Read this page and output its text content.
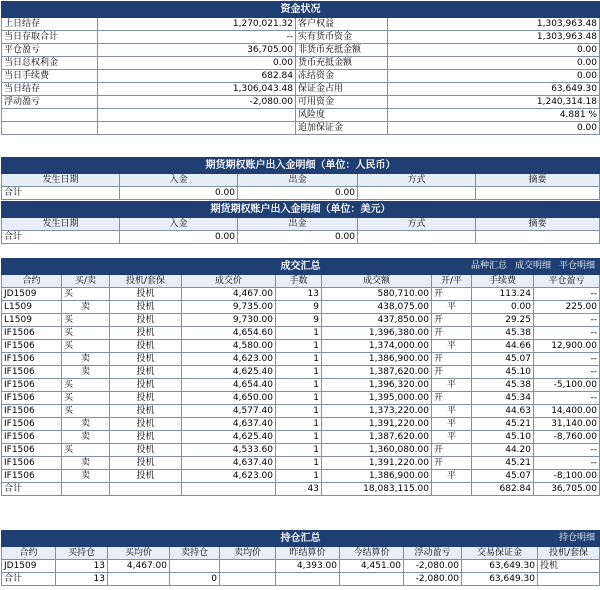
资金状况			
上日结存	1,270,021.32	客户权益	1,303,963.48
当日存取合计	--	实有货币资金	1,303,963.48
平仓盈亏	36,705.00	非货币充抵金额	0.00
当日总权利金	0.00	货币充抵金额	0.00
当日手续费	682.84	冻结资金	0.00
当日结存	1,306,043.48	保证金占用	63,649.30
浮动盈亏	-2,080.00	可用资金	1,240,314.18
		风险度	4.881 %
		追加保证金	0.00
期货期权账户出入金明细（单位：人民币）				
发生日期	入金	出金	方式	摘要
合计	0.00	0.00		
期货期权账户出入金明细（单位：美元）				
发生日期	入金	出金	方式	摘要
合计	0.00	0.00		
成交汇总 品种汇总 成交明细 平仓明细								

合约	买/卖	投机/套保	成交价	手数	成交额	开/平	手续费	平仓盈亏
JD1509	买	投机	4,467.00	13	580,710.00	开	113.24	--
L1509	卖	投机	9,735.00	9	438,075.00	平	0.00	225.00
L1509	买	投机	9,730.00	9	437,850.00	开	29.25	--
IF1506	买	投机	4,654.60	1	1,396,380.00	开	45.38	--
IF1506	买	投机	4,580.00	1	1,374,000.00	平	44.66	12,900.00
IF1506	卖	投机	4,623.00	1	1,386,900.00	开	45.07	--
IF1506	卖	投机	4,625.40	1	1,387,620.00	开	45.10	--
IF1506	买	投机	4,654.40	1	1,396,320.00	平	45.38	-5,100.00
IF1506	买	投机	4,650.00	1	1,395,000.00	开	45.34	--
IF1506	买	投机	4,577.40	1	1,373,220.00	平	44.63	14,400.00
IF1506	卖	投机	4,637.40	1	1,391,220.00	平	45.21	31,140.00
IF1506	卖	投机	4,625.40	1	1,387,620.00	平	45.10	-8,760.00
IF1506	买	投机	4,533.60	1	1,360,080.00	开	44.20	--
IF1506	卖	投机	4,637.40	1	1,391,220.00	开	45.21	--
IF1506	卖	投机	4,623.00	1	1,386,900.00	平	45.07	-8,100.00
合计				43	18,083,115.00		682.84	36,705.00
持仓汇总 持仓明细									

合约	买持仓	买均价	卖持仓	卖均价	昨结算价	今结算价	浮动盈亏	交易保证金	投机/套保
JD1509	13	4,467.00			4,393.00	4,451.00	-2,080.00	63,649.30	投机
合计	13		0				-2,080.00	63,649.30	
